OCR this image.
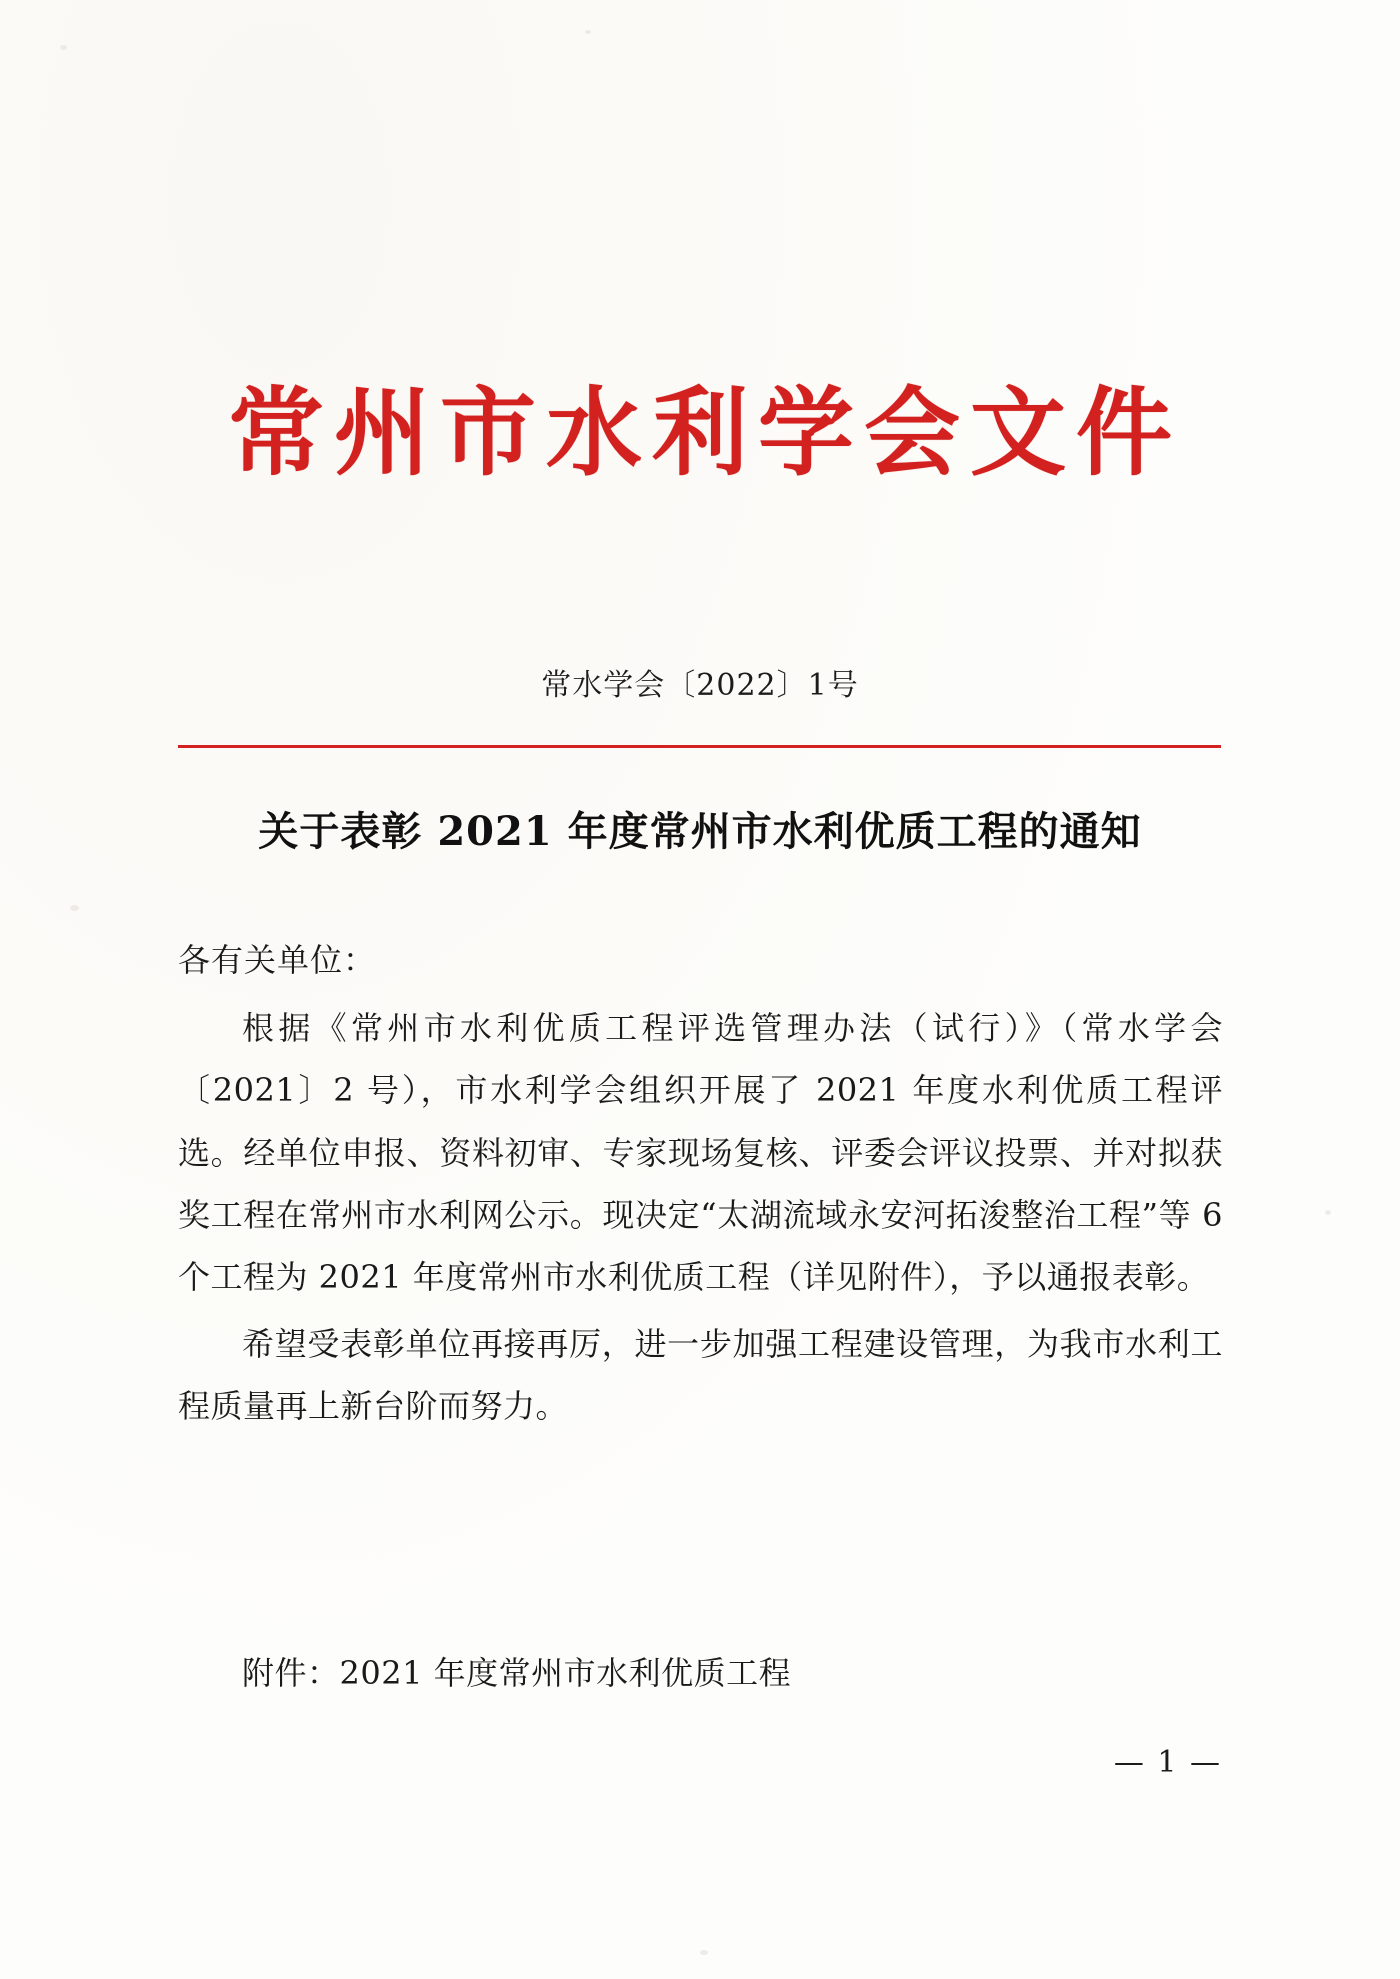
常州市水利学会文件
常水学会〔2022〕1号
关于表彰 2021 年度常州市水利优质工程的通知
各有关单位：

根据《常州市水利优质工程评选管理办法（试行）》（常水学会〔2021〕2 号），市水利学会组织开展了 2021 年度水利优质工程评选。经单位申报、资料初审、专家现场复核、评委会评议投票、并对拟获奖工程在常州市水利网公示。现决定“太湖流域永安河拓浚整治工程”等 6 个工程为 2021 年度常州市水利优质工程（详见附件），予以通报表彰。

希望受表彰单位再接再厉，进一步加强工程建设管理，为我市水利工程质量再上新台阶而努力。

附件：2021 年度常州市水利优质工程
— 1 —
